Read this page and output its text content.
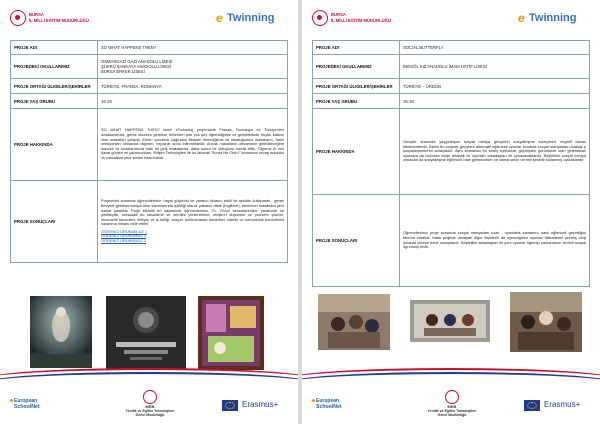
BURSA
İL MİLLİ EĞİTİM MÜDÜRLÜĞÜ	e Twinning
PROJE ADI	SO WHAT HAPPENS THEN?
PROJEDEKİ OKULLARIMIZ	OSMANGAZİ GAZİ ANADOLU LİSESİ
ŞÜKRÜ ŞANKAYA ANADOLU LİSESİ
BURSA ERKEK LİSESİ

PROJE ORTAĞI ÜLKELER/ŞEHİRLER	TÜRKİYE, FRANSA, ROMANYA
PROJE YAŞ GRUBU	16-19
PROJE HAKKINDA	SO WHAT HAPPENS THEN? isimli eTwinning projemizde Fransa, Romanya ve Türkiye'den ortaklarımızla, gerek okurken gerekse dinlerken pek çok şey öğrendiğimiz ve geliştirmizde büyük katkısı olan masalları çalıştık. Erken çocukluk çağından itibaren dinlediğimiz ve okuduğumuz masalların, farklı versiyonları olmasına rağmen, hepsinin sonu bilinmektedir. Ancak masalların devamının gelebileceğine inandık ve ortaklarımızla bate ait giriş masallarda, daha sonra ne olduğunu merak ettik. Öğrenci er mix haval gücleri ve yaratıcılıkları, Bilişim Teknolojileri ile ku lanarak 'Sonra Ne Oldu?' sorusuna cevap buldular ve masallara yeni sonlar hazırladılar.
PROJE SONUÇLARI	Projemizin sonunda öğrencilerimiz, hayal güçlerini ve yaratıcı lıklarını etkili bir şekilde kullanarak , gerek bireysel gerekse karışık ülke takımlarında işbirliği olarak yabancı dilde (İngilizce), beklenen masallara yeni sonlar yazdılar. Proje etkinlik eri sayesinde öğrencilerimiz, 21. Yüzyıl becerilerinden; yaratıcılık ve yenilikçilik, mesaaklf ku lanabilme ve kendini yönlendirme, eleştirel düşünme ve problem çözme, okuma/dil becerileri, iletişim ve iş birliği, sosyal, kültürlerarası becerileri, liderlik ve sorumluluk becerilerini kazanma imkanı elde ettiler.
ÖĞRENCİ ÜRÜNÜM ÜZ 1
ÖĞRENCİ ÜRÜNÜMÜZ 2
ÖĞRENCİ ÜRÜNÜMÜZ 3
European
SchoolNet	MEB
Yenilik ve Eğitim Teknolojileri
Genel Müdürlüğü
Erasmus+
BURSA
İL MİLLİ EĞİTİM MÜDÜRLÜĞÜ	e Twinning
PROJE ADI	SOCIAL BUTTERFLY
PROJEDEKİ OKULLARIMIZ	İNEGÖL KIZ ANADOLU İMAM HATİP LİSESİ
PROJE ORTAĞI ÜLKELER/ŞEHİRLER	TÜRKİYE – ÜRDÜN
PROJE YAŞ GRUBU	15-18
PROJE HAKKINDA	Gençler arasında yaygınlaşan sosyal medya gençlerin sosyalleşme süreçlerini negatif olarak etkilemektedir. Bizler bu projede gençlere alternatif eğlenceli oyunlar sunarak sosyal medyadan uzaklaş p sosyalleşmelerini amaçladık. Aynı zamanda bu süreç içerisinde geçmişten günümüze olan geleneksel oyunlara da farkında lıkları artacak ve oyunları arkadaşları ile oynayacaklardır. Böylelikle sosyal medya olmadan da sosyalleşme eğlenceli hale gelmecekler ve zamanlarını verimli şekilde kullanmış olacaklardır.
PROJE SONUÇLARI	Öğrencilerimiz proje sonunda sosyal medyadan uzak , oyunlarla zamanını nasıl eğlenceli geçirdiğini farkına vardılar, hatta projede olmayan diğer ilişkilerin de oynadığımız oyunlar dikkatlerini çekmiş olup onlarda sürece dahil olmuşlardır. Böylelikle arkadaşları ile yeni oyunlar öğrenip zamanlarını verimli sosyal ögrenmiş erdir.
European
SchoolNet	MEB
Yenilik ve Eğitim Teknolojileri
Genel Müdürlüğü
Erasmus+
